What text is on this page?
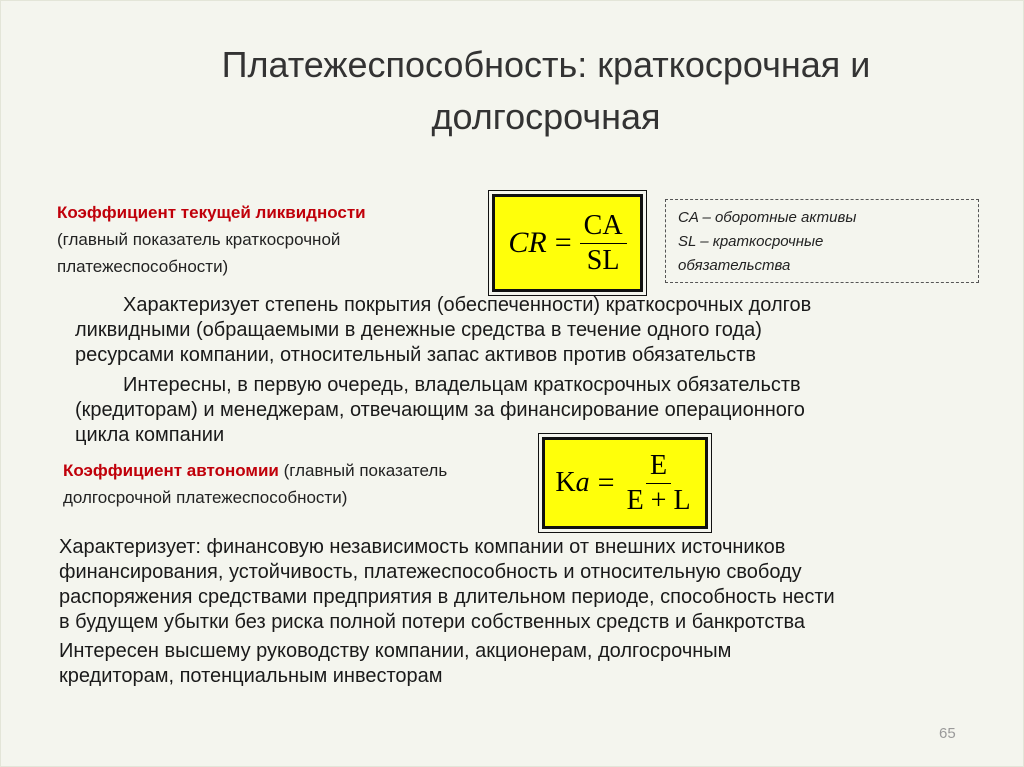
Платежеспособность: краткосрочная и
долгосрочная
Коэффициент текущей ликвидности
(главный показатель краткосрочной
платежеспособности)
CR = $\frac{CA}{SL}$	CA – оборотные активы
SL – краткосрочные
обязательства
Характеризует степень покрытия (обеспеченности) краткосрочных долгов
ликвидными (обращаемыми в денежные средства в течение одного года)
ресурсами компании, относительный запас активов против обязательств
Интересны, в первую очередь, владельцам краткосрочных обязательств
(кредиторам) и менеджерам, отвечающим за финансирование операционного
цикла компании
Коэффициент автономии (главный показатель
долгосрочной платежеспособности)	$Ka = \frac{E}{E + L}$
Характеризует: финансовую независимость компании от внешних источников
финансирования, устойчивость, платежеспособность и относительную свободу
распоряжения средствами предприятия в длительном периоде, способность нести
в будущем убытки без риска полной потери собственных средств и банкротства
Интересен высшему руководству компании, акционерам, долгосрочным
кредиторам, потенциальным инвесторам
65
